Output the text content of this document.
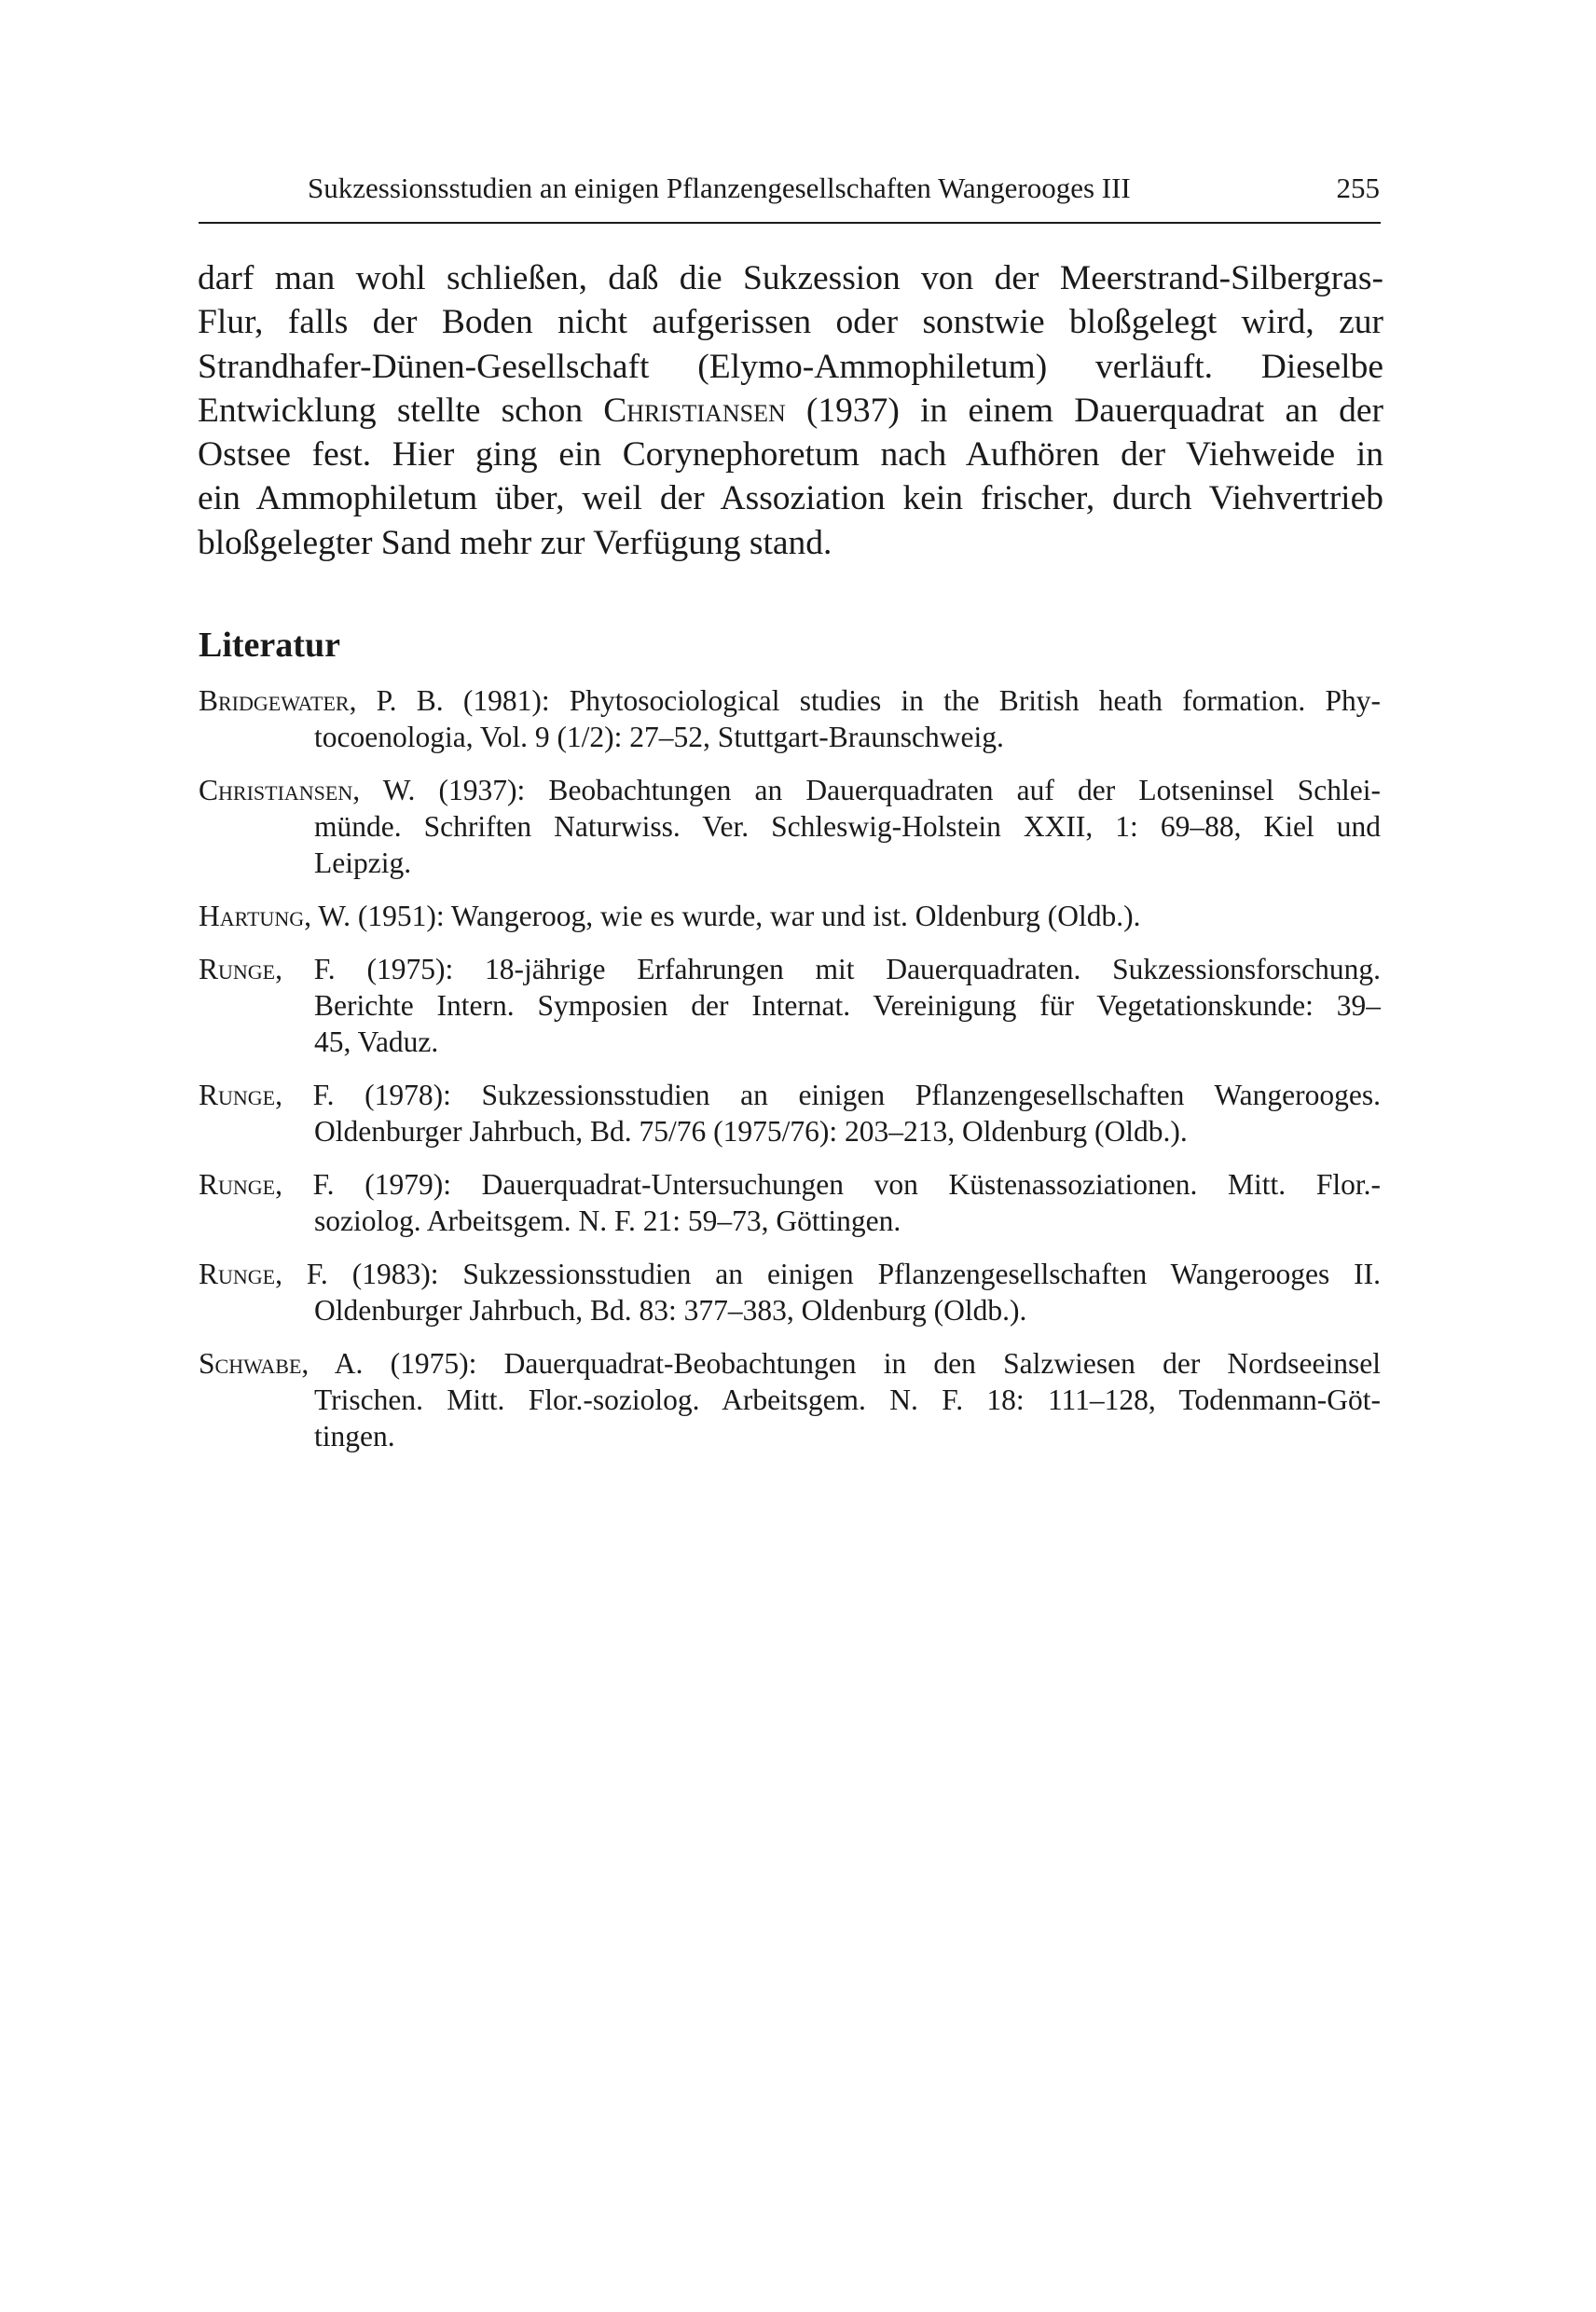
Sukzessionsstudien an einigen Pflanzengesellschaften Wangerooges III	255
darf man wohl schließen, daß die Sukzession von der Meerstrand-Silbergras-
Flur, falls der Boden nicht aufgerissen oder sonstwie bloßgelegt wird, zur
Strandhafer-Dünen-Gesellschaft (Elymo-Ammophiletum) verläuft. Dieselbe
Entwicklung stellte schon Christiansen (1937) in einem Dauerquadrat an der
Ostsee fest. Hier ging ein Corynephoretum nach Aufhören der Viehweide in
ein Ammophiletum über, weil der Assoziation kein frischer, durch Viehvertrieb
bloßgelegter Sand mehr zur Verfügung stand.
Literatur
Bridgewater, P. B. (1981): Phytosociological studies in the British heath formation. Phy-
tocoenologia, Vol. 9 (1/2): 27–52, Stuttgart-Braunschweig.
Christiansen, W. (1937): Beobachtungen an Dauerquadraten auf der Lotseninsel Schlei-
münde. Schriften Naturwiss. Ver. Schleswig-Holstein XXII, 1: 69–88, Kiel und
Leipzig.
Hartung, W. (1951): Wangeroog, wie es wurde, war und ist. Oldenburg (Oldb.).
Runge, F. (1975): 18-jährige Erfahrungen mit Dauerquadraten. Sukzessionsforschung.
Berichte Intern. Symposien der Internat. Vereinigung für Vegetationskunde: 39–
45, Vaduz.
Runge, F. (1978): Sukzessionsstudien an einigen Pflanzengesellschaften Wangerooges.
Oldenburger Jahrbuch, Bd. 75/76 (1975/76): 203–213, Oldenburg (Oldb.).
Runge, F. (1979): Dauerquadrat-Untersuchungen von Küstenassoziationen. Mitt. Flor.-
soziolog. Arbeitsgem. N. F. 21: 59–73, Göttingen.
Runge, F. (1983): Sukzessionsstudien an einigen Pflanzengesellschaften Wangerooges II.
Oldenburger Jahrbuch, Bd. 83: 377–383, Oldenburg (Oldb.).
Schwabe, A. (1975): Dauerquadrat-Beobachtungen in den Salzwiesen der Nordseeinsel
Trischen. Mitt. Flor.-soziolog. Arbeitsgem. N. F. 18: 111–128, Todenmann-Göt-
tingen.
